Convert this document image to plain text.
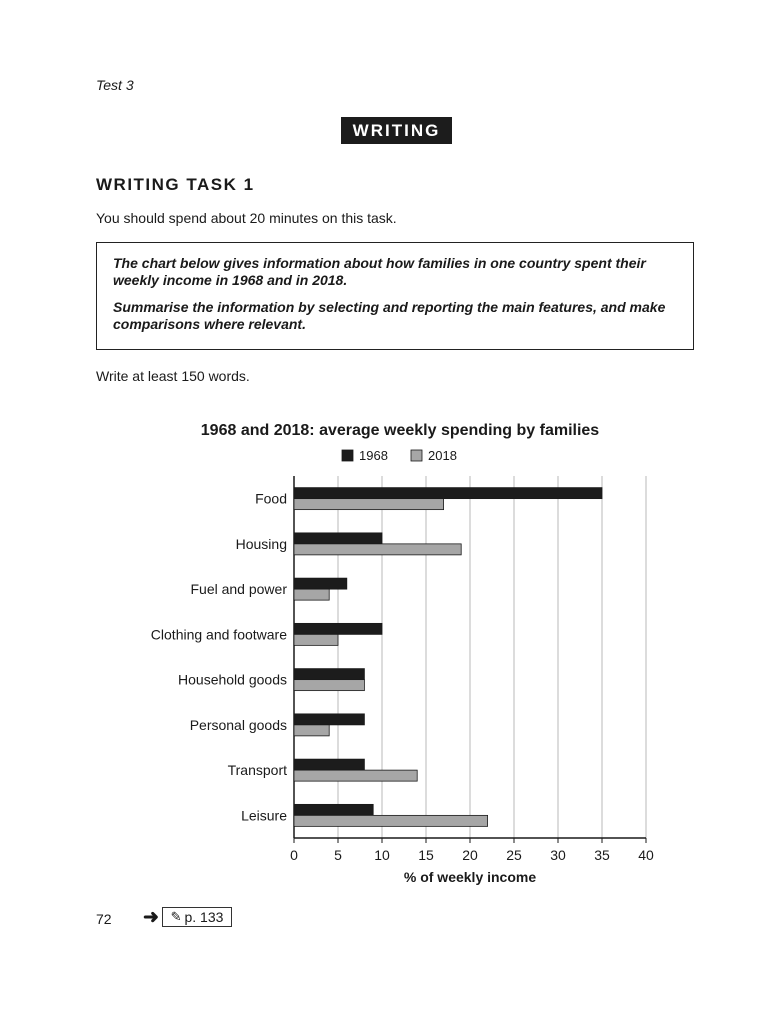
Test 3
WRITING
WRITING TASK 1
You should spend about 20 minutes on this task.

The chart below gives information about how families in one country spent their weekly income in 1968 and in 2018.

Summarise the information by selecting and reporting the main features, and make comparisons where relevant.

Write at least 150 words.
1968 and 2018: average weekly spending by families
1968	2018
0	5 10 15 20 25 30 35 40
% of weekly income
Food
Housing
Fuel and power
Clothing and footware
Household goods
Personal goods
Transport
Leisure
72 ➜ ✎ p. 133
